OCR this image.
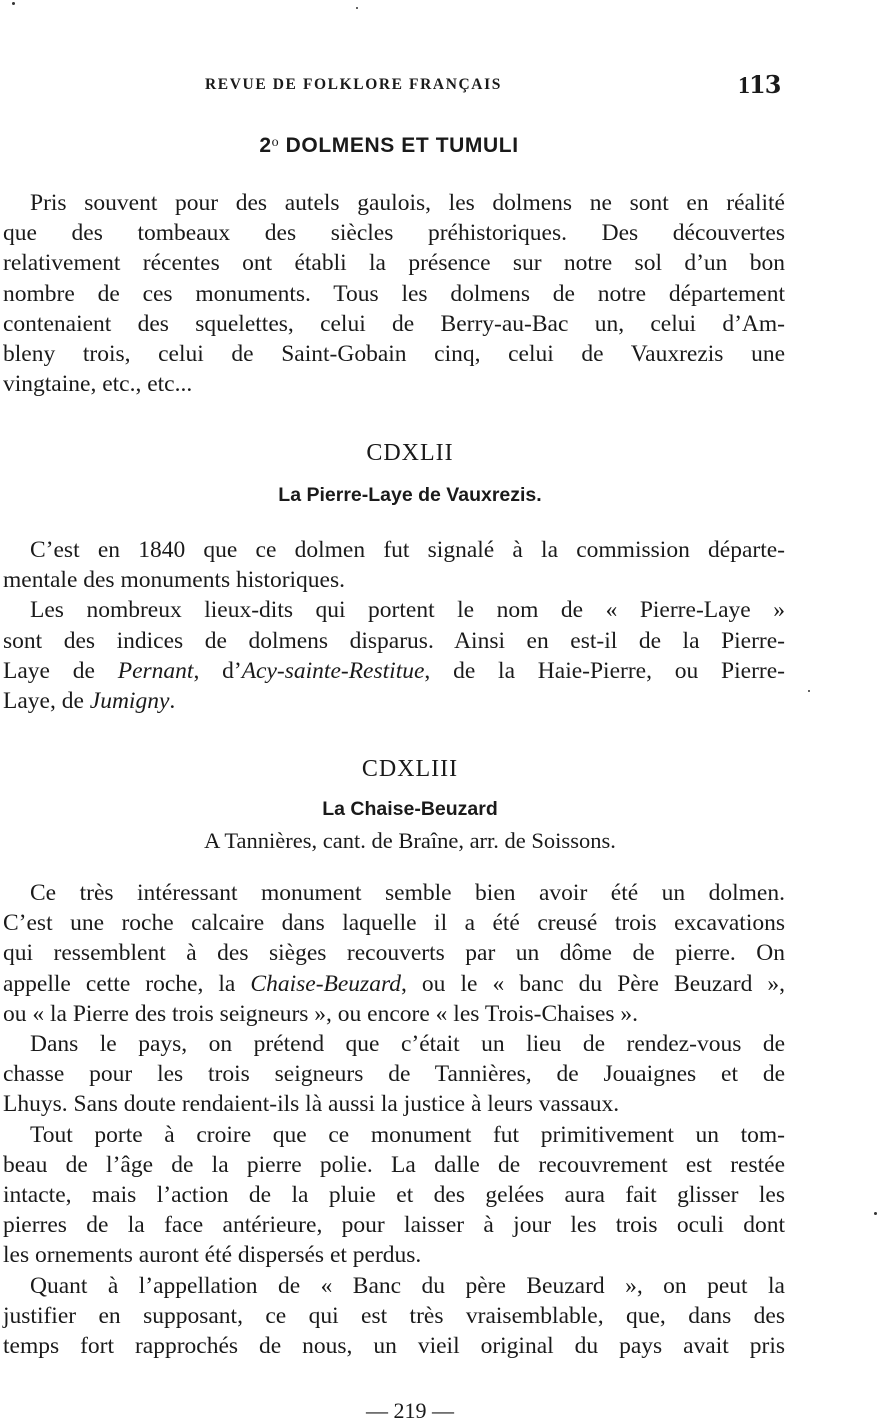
REVUE DE FOLKLORE FRANÇAIS	1𝟏𝟑
2$^o$ DOLMENS ET TUMULI
Pris souvent pour des autels gaulois, les dolmens ne sont en réalité
que des tombeaux des siècles préhistoriques. Des découvertes
relativement récentes ont établi la présence sur notre sol d’un bon
nombre de ces monuments. Tous les dolmens de notre département
contenaient des squelettes, celui de Berry-au-Bac un, celui d’Am-
bleny trois, celui de Saint-Gobain cinq, celui de Vauxrezis une
vingtaine, etc., etc...

CDXLII

La Pierre-Laye de Vauxrezis.

C’est en 1840 que ce dolmen fut signalé à la commission départe-
mentale des monuments historiques.
Les nombreux lieux-dits qui portent le nom de « Pierre-Laye »
sont des indices de dolmens disparus. Ainsi en est-il de la Pierre-
Laye de Pernant, d’Acy-sainte-Restitue, de la Haie-Pierre, ou Pierre-
Laye, de Jumigny.

CDXLIII

La Chaise-Beuzard

A Tannières, cant. de Braîne, arr. de Soissons.

Ce très intéressant monument semble bien avoir été un dolmen.
C’est une roche calcaire dans laquelle il a été creusé trois excavations
qui ressemblent à des sièges recouverts par un dôme de pierre. On
appelle cette roche, la Chaise-Beuzard, ou le « banc du Père Beuzard »,
ou « la Pierre des trois seigneurs », ou encore « les Trois-Chaises ».
Dans le pays, on prétend que c’était un lieu de rendez-vous de
chasse pour les trois seigneurs de Tannières, de Jouaignes et de
Lhuys. Sans doute rendaient-ils là aussi la justice à leurs vassaux.
Tout porte à croire que ce monument fut primitivement un tom-
beau de l’âge de la pierre polie. La dalle de recouvrement est restée
intacte, mais l’action de la pluie et des gelées aura fait glisser les
pierres de la face antérieure, pour laisser à jour les trois oculi dont
les ornements auront été dispersés et perdus.
Quant à l’appellation de « Banc du père Beuzard », on peut la
justifier en supposant, ce qui est très vraisemblable, que, dans des
temps fort rapprochés de nous, un vieil original du pays avait pris
— 219 —
